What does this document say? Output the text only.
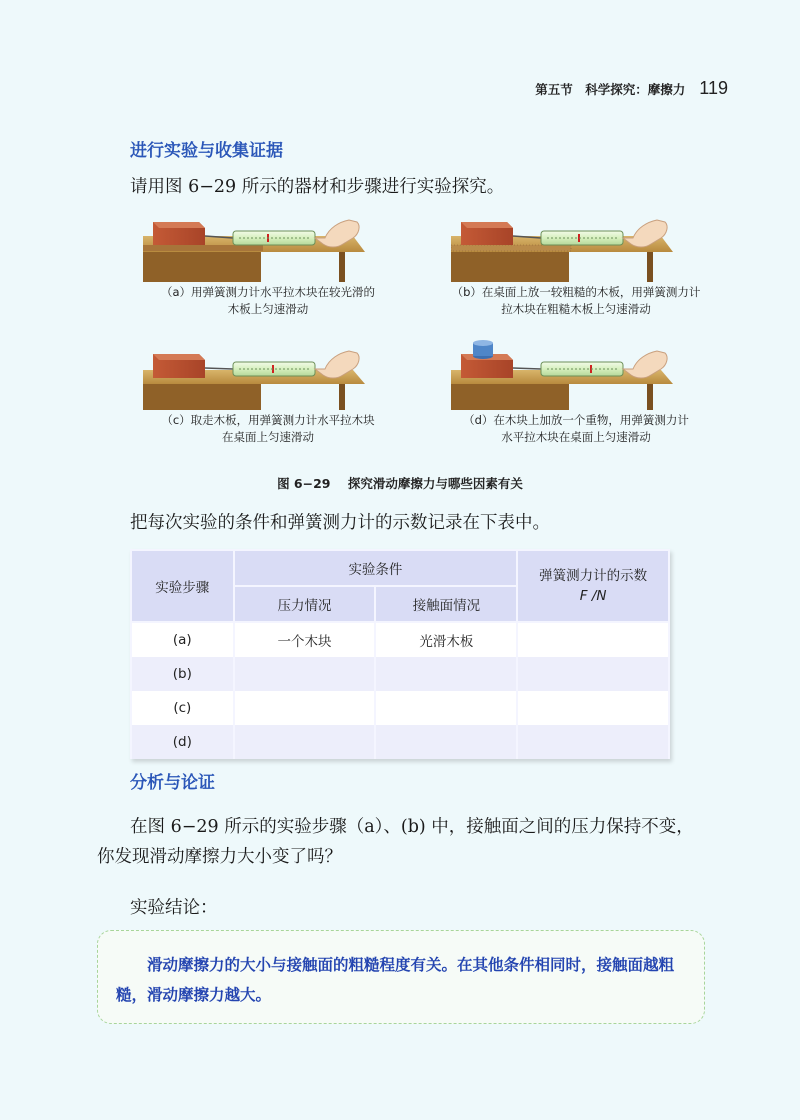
第五节　科学探究：摩擦力 119
进行实验与收集证据
请用图 6−29 所示的器材和步骤进行实验探究。
（a）用弹簧测力计水平拉木块在较光滑的
木板上匀速滑动
（b）在桌面上放一较粗糙的木板，用弹簧测力计
拉木块在粗糙木板上匀速滑动
（c）取走木板，用弹簧测力计水平拉木块
在桌面上匀速滑动
（d）在木块上加放一个重物，用弹簧测力计
水平拉木块在桌面上匀速滑动
图 6−29 探究滑动摩擦力与哪些因素有关
把每次实验的条件和弹簧测力计的示数记录在下表中。
实验步骤	实验条件		弹簧测力计的示数
F /N

	压力情况	接触面情况	
(a)	一个木块	光滑木板	
(b)			
(c)			
(d)			
分析与论证
在图 6−29 所示的实验步骤（a）、(b) 中，接触面之间的压力保持不变，
你发现滑动摩擦力大小变了吗？
实验结论：
滑动摩擦力的大小与接触面的粗糙程度有关。在其他条件相同时，接触面越粗糙，滑动摩擦力越大。
